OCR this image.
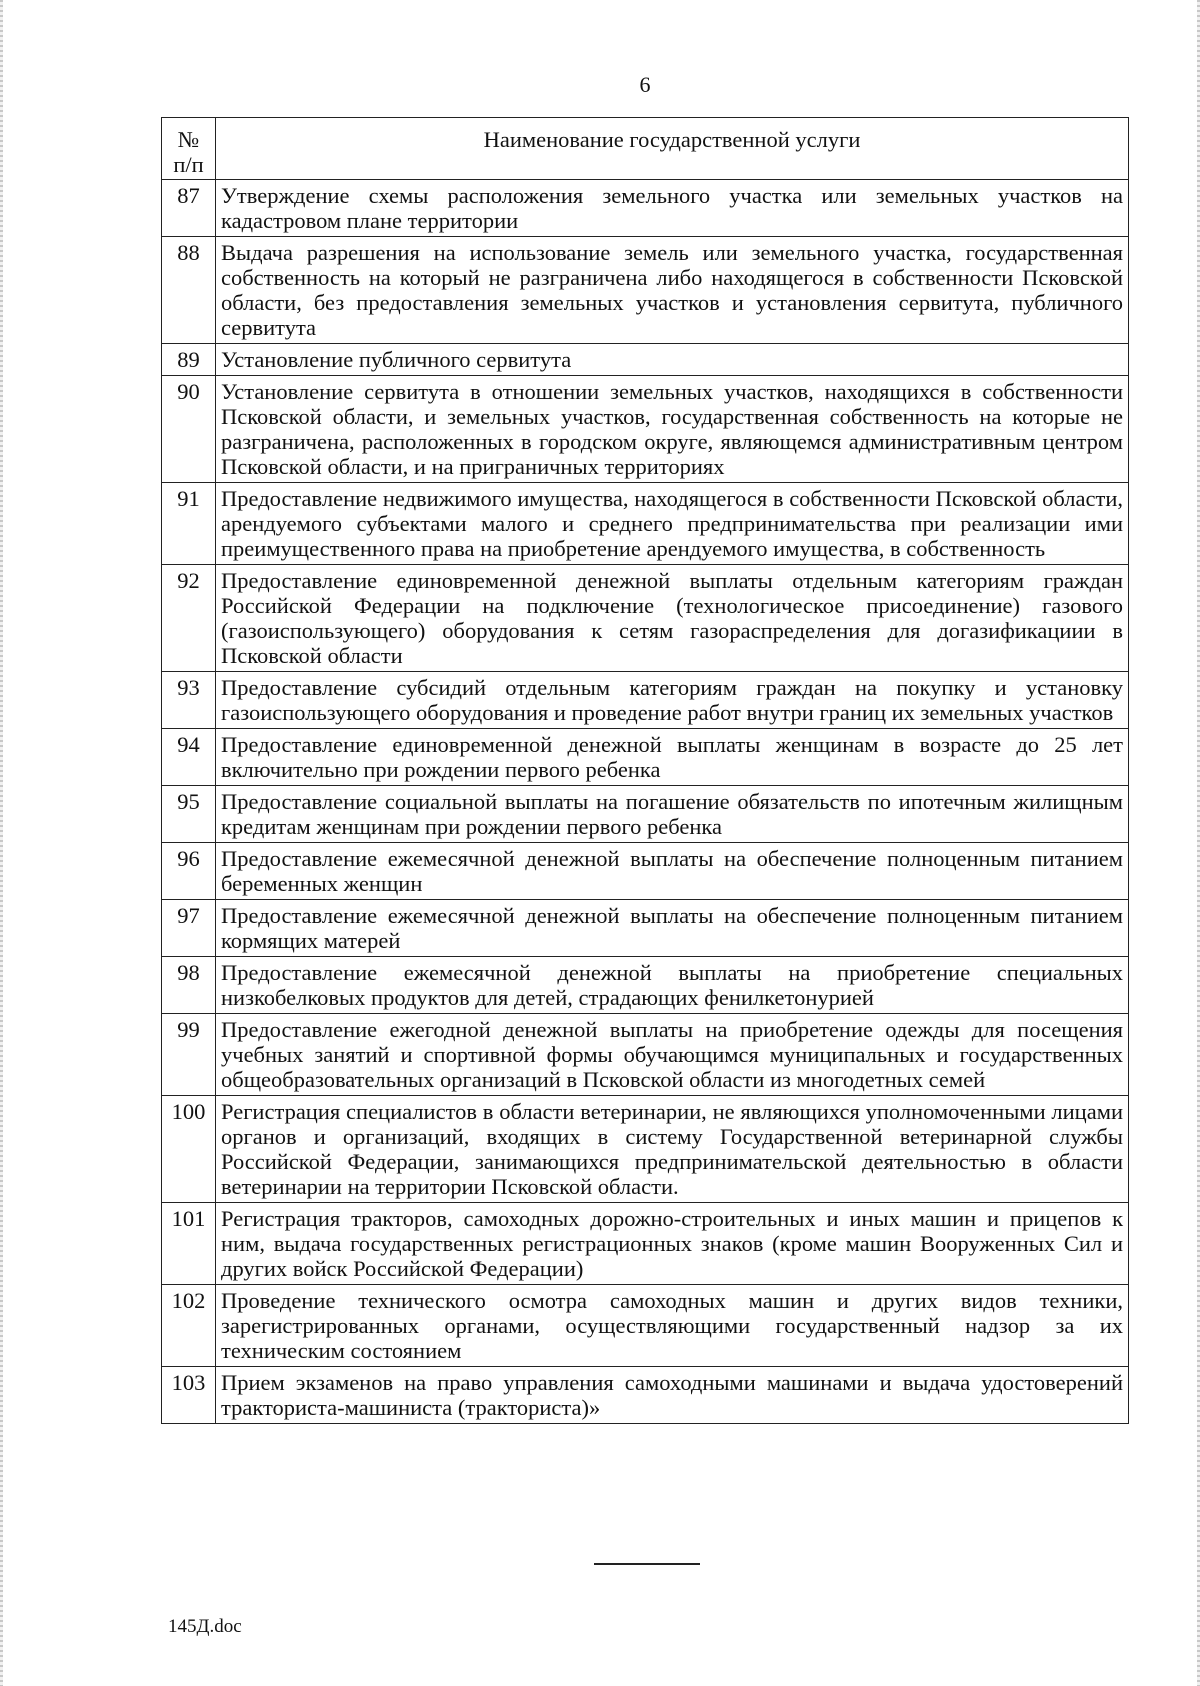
6
№ п/п	Наименование государственной услуги
87	Утверждение схемы расположения земельного участка или земельных участков на кадастровом плане территории
88	Выдача разрешения на использование земель или земельного участка, государственная собственность на который не разграничена либо находящегося в собственности Псковской области, без предоставления земельных участков и установления сервитута, публичного сервитута
89	Установление публичного сервитута
90	Установление сервитута в отношении земельных участков, находящихся в собственности Псковской области, и земельных участков, государственная собственность на которые не разграничена, расположенных в городском округе, являющемся административным центром Псковской области, и на приграничных территориях
91	Предоставление недвижимого имущества, находящегося в собственности Псковской области, арендуемого субъектами малого и среднего предпринимательства при реализации ими преимущественного права на приобретение арендуемого имущества, в собственность
92	Предоставление единовременной денежной выплаты отдельным категориям граждан Российской Федерации на подключение (технологическое присоединение) газового (газоиспользующего) оборудования к сетям газораспределения для догазификациии в Псковской области
93	Предоставление субсидий отдельным категориям граждан на покупку и установку газоиспользующего оборудования и проведение работ внутри границ их земельных участков
94	Предоставление единовременной денежной выплаты женщинам в возрасте до 25 лет включительно при рождении первого ребенка
95	Предоставление социальной выплаты на погашение обязательств по ипотечным жилищным кредитам женщинам при рождении первого ребенка
96	Предоставление ежемесячной денежной выплаты на обеспечение полноценным питанием беременных женщин
97	Предоставление ежемесячной денежной выплаты на обеспечение полноценным питанием кормящих матерей
98	Предоставление ежемесячной денежной выплаты на приобретение специальных низкобелковых продуктов для детей, страдающих фенилкетонурией
99	Предоставление ежегодной денежной выплаты на приобретение одежды для посещения учебных занятий и спортивной формы обучающимся муниципальных и государственных общеобразовательных организаций в Псковской области из многодетных семей
100	Регистрация специалистов в области ветеринарии, не являющихся уполномоченными лицами органов и организаций, входящих в систему Государственной ветеринарной службы Российской Федерации, занимающихся предпринимательской деятельностью в области ветеринарии на территории Псковской области.
101	Регистрация тракторов, самоходных дорожно-строительных и иных машин и прицепов к ним, выдача государственных регистрационных знаков (кроме машин Вооруженных Сил и других войск Российской Федерации)
102	Проведение технического осмотра самоходных машин и других видов техники, зарегистрированных органами, осуществляющими государственный надзор за их техническим состоянием
103	Прием экзаменов на право управления самоходными машинами и выдача удостоверений тракториста-машиниста (тракториста)»
145Д.doc
